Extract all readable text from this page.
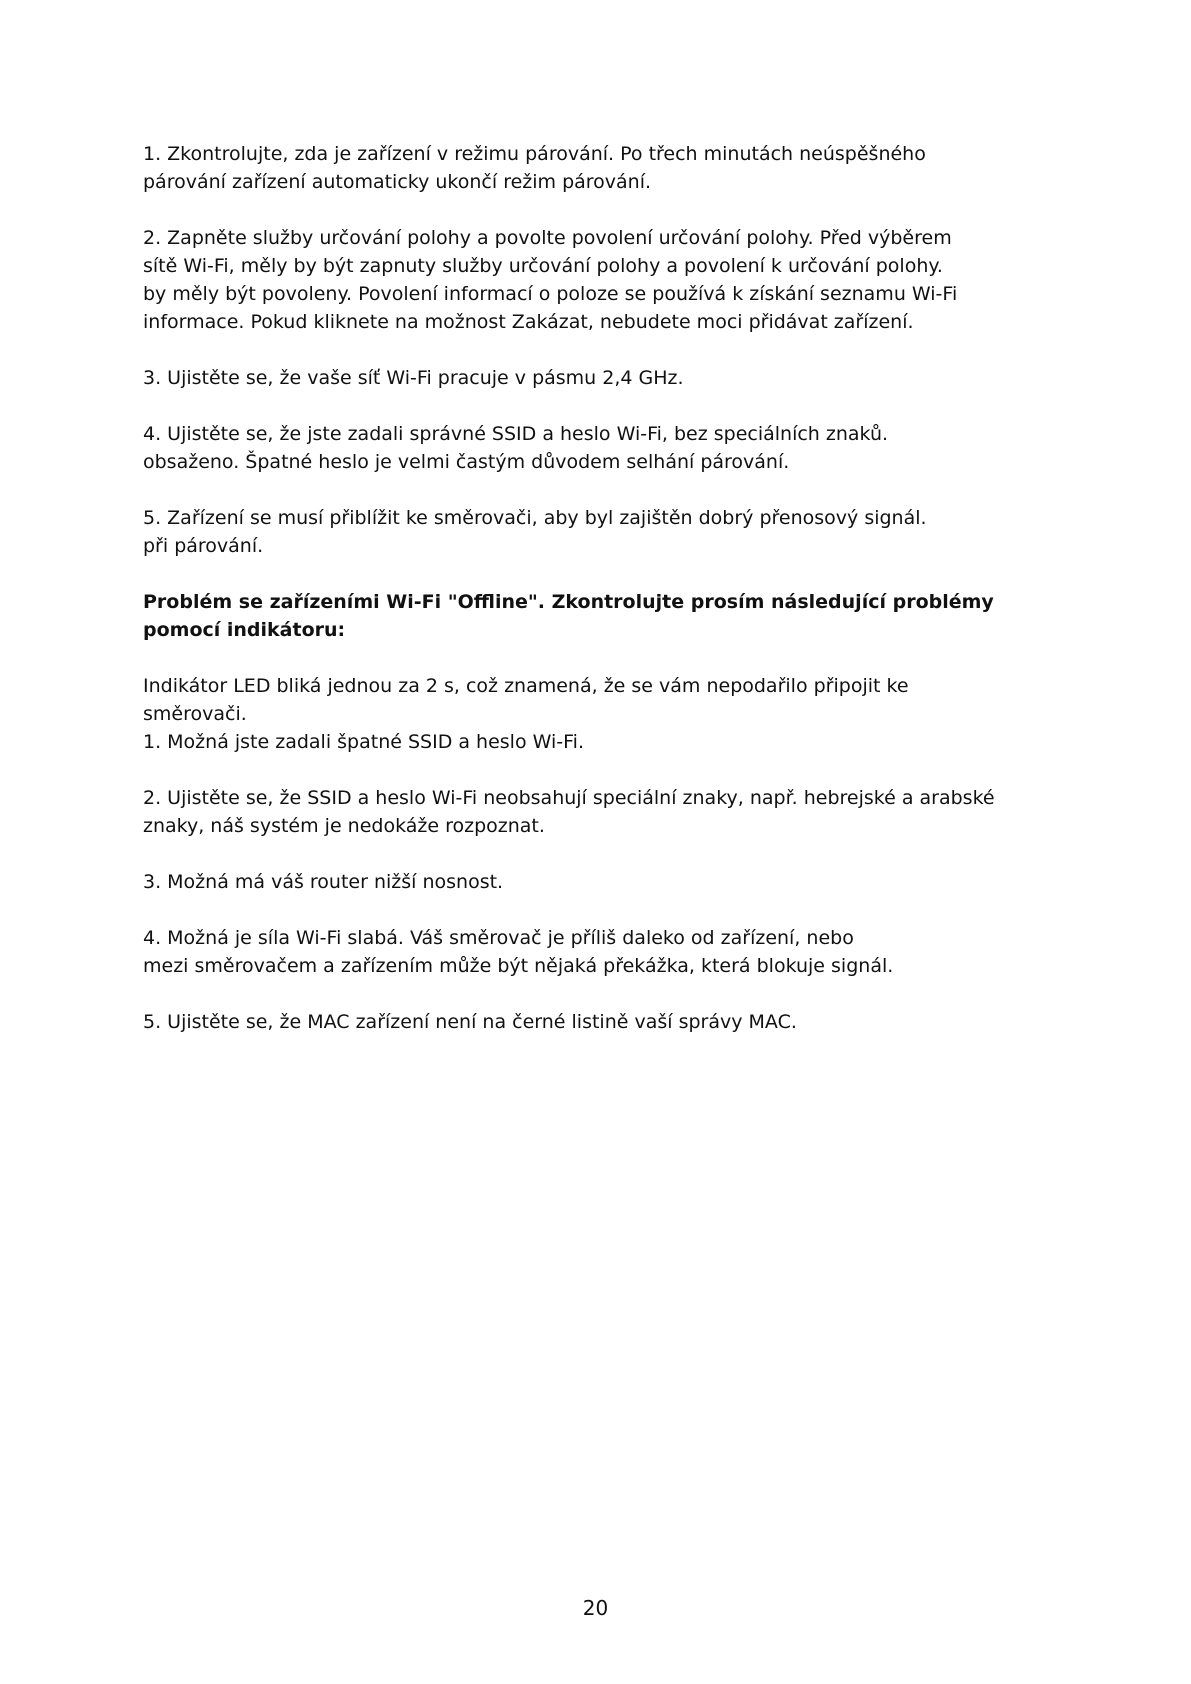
1. Zkontrolujte, zda je zařízení v režimu párování. Po třech minutách neúspěšného
párování zařízení automaticky ukončí režim párování.
2. Zapněte služby určování polohy a povolte povolení určování polohy. Před výběrem
sítě Wi-Fi, měly by být zapnuty služby určování polohy a povolení k určování polohy.
by měly být povoleny. Povolení informací o poloze se používá k získání seznamu Wi-Fi
informace. Pokud kliknete na možnost Zakázat, nebudete moci přidávat zařízení.
3. Ujistěte se, že vaše síť Wi-Fi pracuje v pásmu 2,4 GHz.
4. Ujistěte se, že jste zadali správné SSID a heslo Wi-Fi, bez speciálních znaků.
obsaženo. Špatné heslo je velmi častým důvodem selhání párování.
5. Zařízení se musí přiblížit ke směrovači, aby byl zajištěn dobrý přenosový signál.
při párování.
Problém se zařízeními Wi-Fi "Offline". Zkontrolujte prosím následující problémy
pomocí indikátoru:
Indikátor LED bliká jednou za 2 s, což znamená, že se vám nepodařilo připojit ke
směrovači.
1. Možná jste zadali špatné SSID a heslo Wi-Fi.
2. Ujistěte se, že SSID a heslo Wi-Fi neobsahují speciální znaky, např. hebrejské a arabské
znaky, náš systém je nedokáže rozpoznat.
3. Možná má váš router nižší nosnost.
4. Možná je síla Wi-Fi slabá. Váš směrovač je příliš daleko od zařízení, nebo
mezi směrovačem a zařízením může být nějaká překážka, která blokuje signál.
5. Ujistěte se, že MAC zařízení není na černé listině vaší správy MAC.
20
